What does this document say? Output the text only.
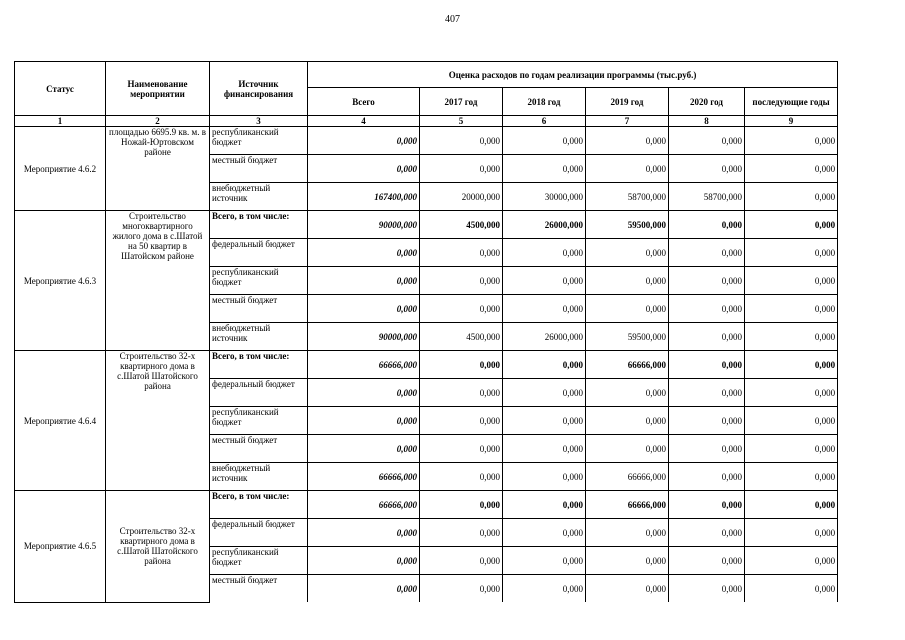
407
Статус	Наименование мероприятии	Источник финансирования	Оценка расходов по годам реализации программы (тыс.руб.)					
			Всего	2017 год	2018 год	2019 год	2020 год	последующие годы
1	2	3	4	5	6	7	8	9
Мероприятие 4.6.2	площадью 6695.9 кв. м. в Ножай-Юртовском районе	республиканский бюджет	0,000	0,000	0,000	0,000	0,000	0,000
		местный бюджет	0,000	0,000	0,000	0,000	0,000	0,000
		внебюджетный источник	167400,000	20000,000	30000,000	58700,000	58700,000	0,000
Мероприятие 4.6.3	Строительство многоквартирного жилого дома в с.Шатой на 50 квартир в Шатойском районе	Всего, в том числе:	90000,000	4500,000	26000,000	59500,000	0,000	0,000
		федеральный бюджет	0,000	0,000	0,000	0,000	0,000	0,000
		республиканский бюджет	0,000	0,000	0,000	0,000	0,000	0,000
		местный бюджет	0,000	0,000	0,000	0,000	0,000	0,000
		внебюджетный источник	90000,000	4500,000	26000,000	59500,000	0,000	0,000
Мероприятие 4.6.4	Строительство 32-х квартирного дома в с.Шатой Шатойского района	Всего, в том числе:	66666,000	0,000	0,000	66666,000	0,000	0,000
		федеральный бюджет	0,000	0,000	0,000	0,000	0,000	0,000
		республиканский бюджет	0,000	0,000	0,000	0,000	0,000	0,000
		местный бюджет	0,000	0,000	0,000	0,000	0,000	0,000
		внебюджетный источник	66666,000	0,000	0,000	66666,000	0,000	0,000
Мероприятие 4.6.5	Строительство 32-х квартирного дома в с.Шатой Шатойского района	Всего, в том числе:	66666,000	0,000	0,000	66666,000	0,000	0,000
		федеральный бюджет	0,000	0,000	0,000	0,000	0,000	0,000
		республиканский бюджет	0,000	0,000	0,000	0,000	0,000	0,000
		местный бюджет	0,000	0,000	0,000	0,000	0,000	0,000
